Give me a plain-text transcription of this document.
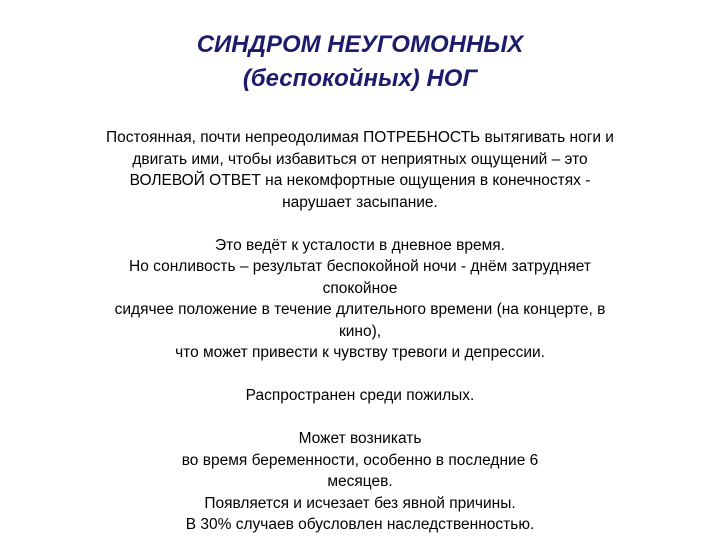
СИНДРОМ НЕУГОМОННЫХ
(беспокойных) НОГ
Постоянная, почти непреодолимая ПОТРЕБНОСТЬ вытягивать ноги и
двигать ими, чтобы избавиться от неприятных ощущений – это
ВОЛЕВОЙ ОТВЕТ на некомфортные ощущения в конечностях -
нарушает засыпание.
Это ведёт к усталости в дневное время.
Но сонливость – результат беспокойной ночи - днём затрудняет
спокойное
сидячее положение в течение длительного времени (на концерте, в
кино),
что может привести к чувству тревоги и депрессии.
Распространен среди пожилых.
Может возникать
во время беременности, особенно в последние 6
месяцев.
Появляется и исчезает без явной причины.
В 30% случаев обусловлен наследственностью.
